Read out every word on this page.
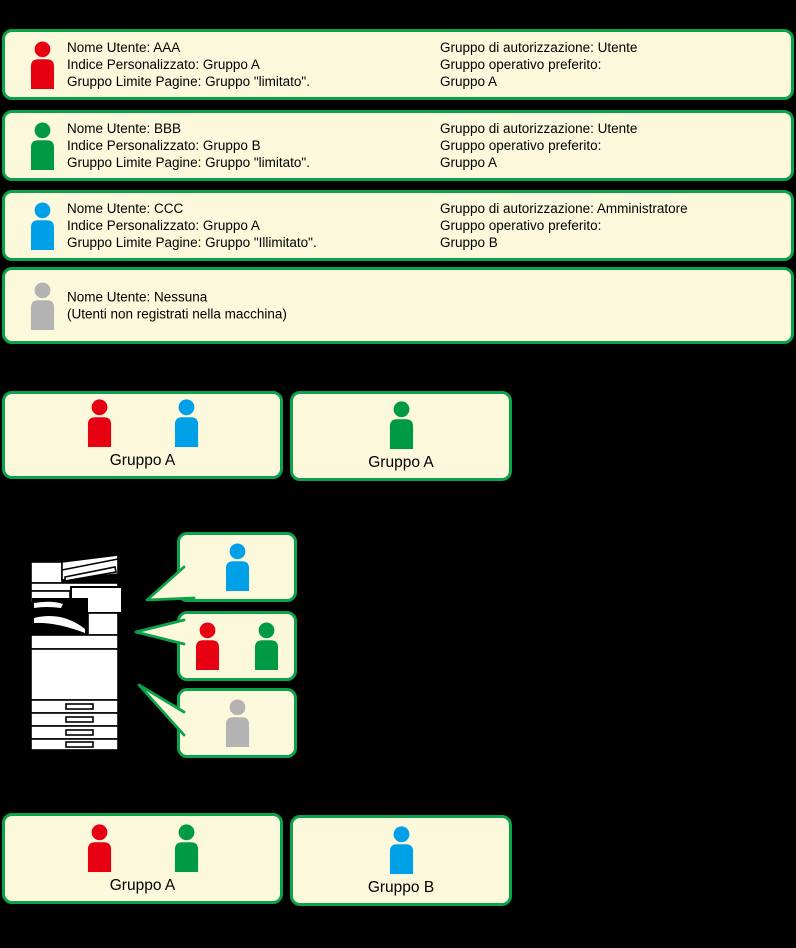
Nome Utente: AAA
Indice Personalizzato: Gruppo A
Gruppo Limite Pagine: Gruppo "limitato".
Gruppo di autorizzazione: Utente
Gruppo operativo preferito:
Gruppo A
Nome Utente: BBB
Indice Personalizzato: Gruppo B
Gruppo Limite Pagine: Gruppo "limitato".
Gruppo di autorizzazione: Utente
Gruppo operativo preferito:
Gruppo A
Nome Utente: CCC
Indice Personalizzato: Gruppo A
Gruppo Limite Pagine: Gruppo "Illimitato".
Gruppo di autorizzazione: Amministratore
Gruppo operativo preferito:
Gruppo B
Nome Utente: Nessuna
(Utenti non registrati nella macchina)
Gruppo A	Gruppo A
Gruppo A	Gruppo B
